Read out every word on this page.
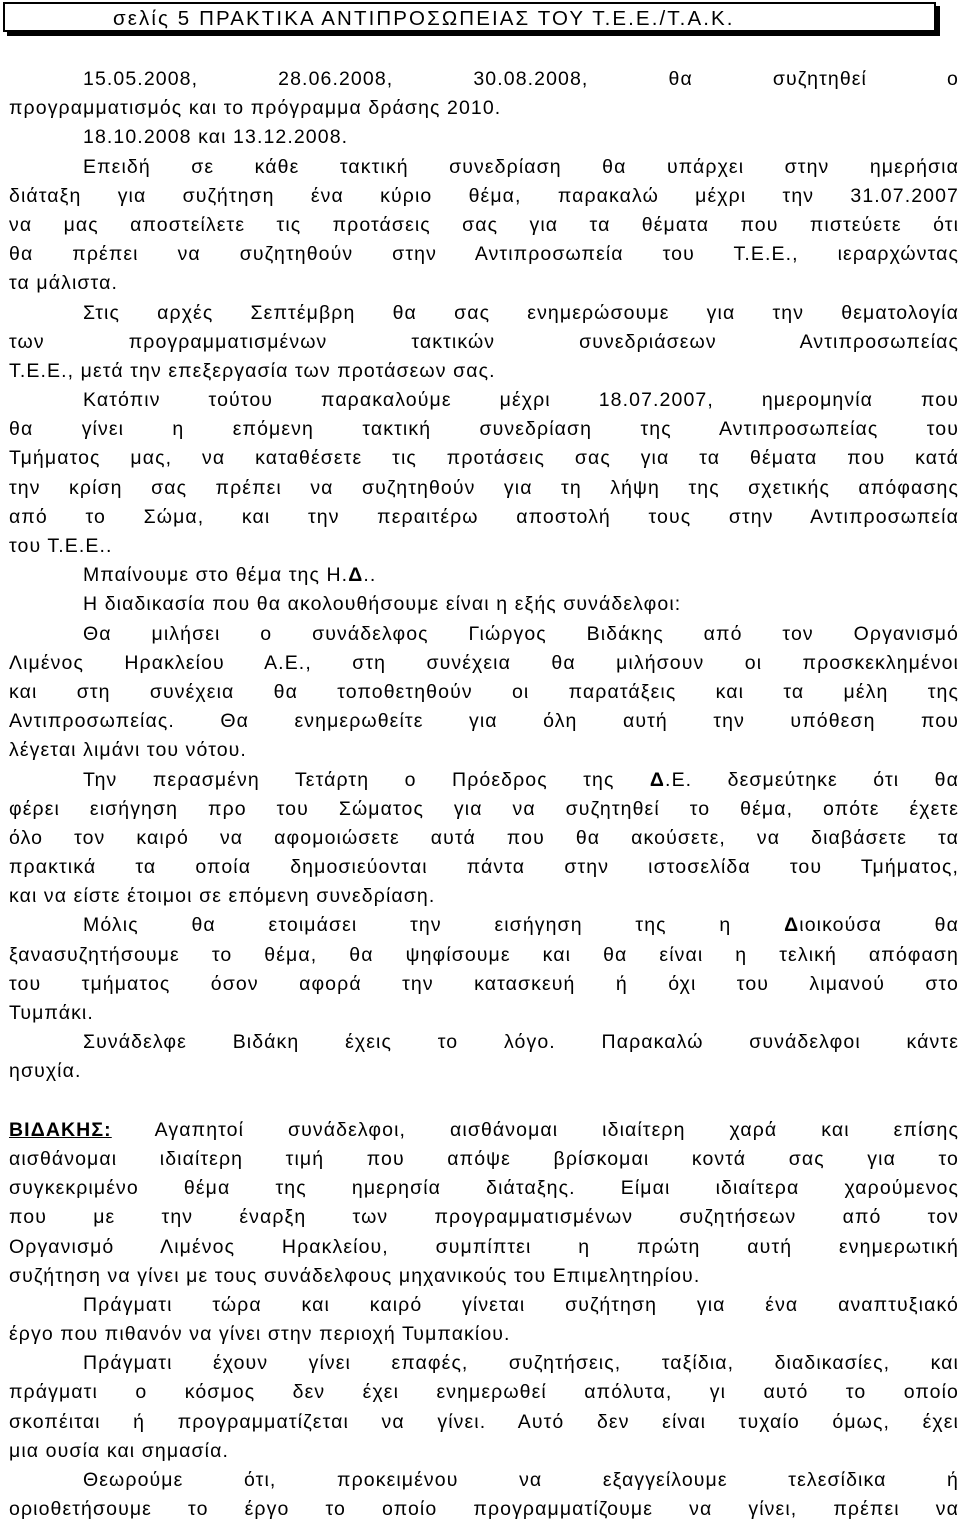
σελίς 5 ΠΡΑΚΤΙΚΑ ΑΝΤΙΠΡΟΣΩΠΕΙΑΣ ΤΟΥ Τ.Ε.Ε./Τ.Α.Κ.
15.05.2008, 28.06.2008, 30.08.2008, θα συζητηθεί ο
προγραμματισμός και το πρόγραμμα δράσης 2010.
18.10.2008 και 13.12.2008.
Επειδή σε κάθε τακτική συνεδρίαση θα υπάρχει στην ημερήσια
διάταξη για συζήτηση ένα κύριο θέμα, παρακαλώ μέχρι την 31.07.2007
να μας αποστείλετε τις προτάσεις σας για τα θέματα που πιστεύετε ότι
θα πρέπει να συζητηθούν στην Αντιπροσωπεία του Τ.Ε.Ε., ιεραρχώντας
τα μάλιστα.
Στις αρχές Σεπτέμβρη θα σας ενημερώσουμε για την θεματολογία
των προγραμματισμένων τακτικών συνεδριάσεων Αντιπροσωπείας
Τ.Ε.Ε., μετά την επεξεργασία των προτάσεων σας.
Κατόπιν τούτου παρακαλούμε μέχρι 18.07.2007, ημερομηνία που
θα γίνει η επόμενη τακτική συνεδρίαση της Αντιπροσωπείας του
Τμήματος μας, να καταθέσετε τις προτάσεις σας για τα θέματα που κατά
την κρίση σας πρέπει να συζητηθούν για τη λήψη της σχετικής απόφασης
από το Σώμα, και την περαιτέρω αποστολή τους στην Αντιπροσωπεία
του Τ.Ε.Ε..
Μπαίνουμε στο θέμα της Η.Δ..
Η διαδικασία που θα ακολουθήσουμε είναι η εξής συνάδελφοι:
Θα μιλήσει ο συνάδελφος Γιώργος Βιδάκης από τον Οργανισμό
Λιμένος Ηρακλείου Α.Ε., στη συνέχεια θα μιλήσουν οι προσκεκλημένοι
και στη συνέχεια θα τοποθετηθούν οι παρατάξεις και τα μέλη της
Αντιπροσωπείας. Θα ενημερωθείτε για όλη αυτή την υπόθεση που
λέγεται λιμάνι του νότου.
Την περασμένη Τετάρτη ο Πρόεδρος της Δ.Ε. δεσμεύτηκε ότι θα
φέρει εισήγηση προ του Σώματος για να συζητηθεί το θέμα, οπότε έχετε
όλο τον καιρό να αφομοιώσετε αυτά που θα ακούσετε, να διαβάσετε τα
πρακτικά τα οποία δημοσιεύονται πάντα στην ιστοσελίδα του Τμήματος,
και να είστε έτοιμοι σε επόμενη συνεδρίαση.
Μόλις θα ετοιμάσει την εισήγηση της η Διοικούσα θα
ξανασυζητήσουμε το θέμα, θα ψηφίσουμε και θα είναι η τελική απόφαση
του τμήματος όσον αφορά την κατασκευή ή όχι του λιμανού στο
Τυμπάκι.
Συνάδελφε Βιδάκη έχεις το λόγο. Παρακαλώ συνάδελφοι κάντε
ησυχία.
ΒΙΔΑΚΗΣ: Αγαπητοί συνάδελφοι, αισθάνομαι ιδιαίτερη χαρά και επίσης
αισθάνομαι ιδιαίτερη τιμή που απόψε βρίσκομαι κοντά σας για το
συγκεκριμένο θέμα της ημερησία διάταξης. Είμαι ιδιαίτερα χαρούμενος
που με την έναρξη των προγραμματισμένων συζητήσεων από τον
Οργανισμό Λιμένος Ηρακλείου, συμπίπτει η πρώτη αυτή ενημερωτική
συζήτηση να γίνει με τους συνάδελφους μηχανικούς του Επιμελητηρίου.
Πράγματι τώρα και καιρό γίνεται συζήτηση για ένα αναπτυξιακό
έργο που πιθανόν να γίνει στην περιοχή Τυμπακίου.
Πράγματι έχουν γίνει επαφές, συζητήσεις, ταξίδια, διαδικασίες, και
πράγματι ο κόσμος δεν έχει ενημερωθεί απόλυτα, γι αυτό το οποίο
σκοπέιται ή προγραμματίζεται να γίνει. Αυτό δεν είναι τυχαίο όμως, έχει
μια ουσία και σημασία.
Θεωρούμε ότι, προκειμένου να εξαγγείλουμε τελεσίδικα ή
οριοθετήσουμε το έργο το οποίο προγραμματίζουμε να γίνει, πρέπει να
